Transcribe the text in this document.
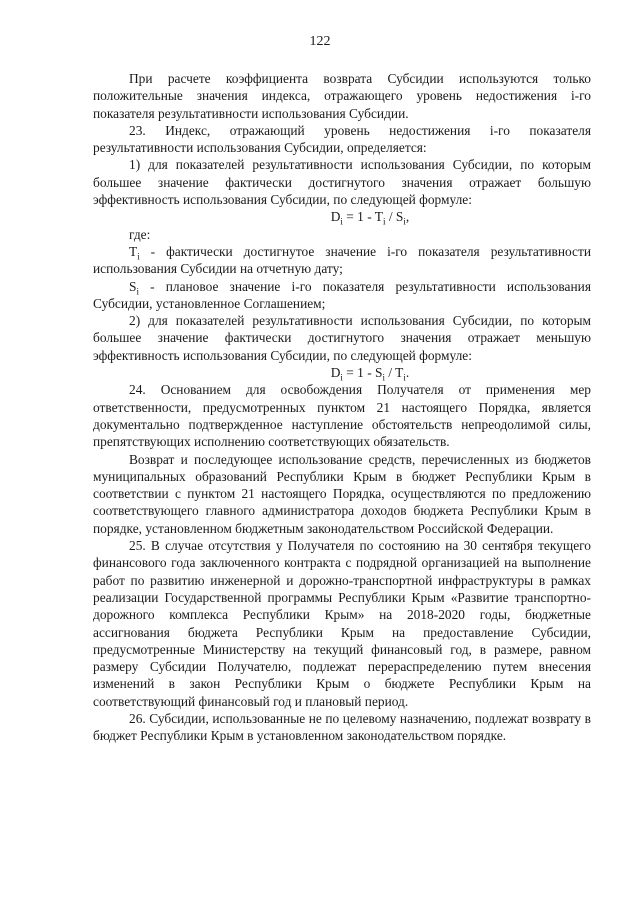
122

При расчете коэффициента возврата Субсидии используются только положительные значения индекса, отражающего уровень недостижения i-го показателя результативности использования Субсидии.

23. Индекс, отражающий уровень недостижения i-го показателя результативности использования Субсидии, определяется:

1) для показателей результативности использования Субсидии, по которым большее значение фактически достигнутого значения отражает большую эффективность использования Субсидии, по следующей формуле:

$D_i = 1 - T_i / S_i$,

где:

$T_i$ - фактически достигнутое значение i-го показателя результативности использования Субсидии на отчетную дату;

$S_i$ - плановое значение i-го показателя результативности использования Субсидии, установленное Соглашением;

2) для показателей результативности использования Субсидии, по которым большее значение фактически достигнутого значения отражает меньшую эффективность использования Субсидии, по следующей формуле:

$D_i = 1 - S_i / T_i$.

24. Основанием для освобождения Получателя от применения мер ответственности, предусмотренных пунктом 21 настоящего Порядка, является документально подтвержденное наступление обстоятельств непреодолимой силы, препятствующих исполнению соответствующих обязательств.

Возврат и последующее использование средств, перечисленных из бюджетов муниципальных образований Республики Крым в бюджет Республики Крым в соответствии с пунктом 21 настоящего Порядка, осуществляются по предложению соответствующего главного администратора доходов бюджета Республики Крым в порядке, установленном бюджетным законодательством Российской Федерации.

25. В случае отсутствия у Получателя по состоянию на 30 сентября текущего финансового года заключенного контракта с подрядной организацией на выполнение работ по развитию инженерной и дорожно-транспортной инфраструктуры в рамках реализации Государственной программы Республики Крым «Развитие транспортно-дорожного комплекса Республики Крым» на 2018-2020 годы, бюджетные ассигнования бюджета Республики Крым на предоставление Субсидии, предусмотренные Министерству на текущий финансовый год, в размере, равном размеру Субсидии Получателю, подлежат перераспределению путем внесения изменений в закон Республики Крым о бюджете Республики Крым на соответствующий финансовый год и плановый период.

26. Субсидии, использованные не по целевому назначению, подлежат возврату в бюджет Республики Крым в установленном законодательством порядке.
